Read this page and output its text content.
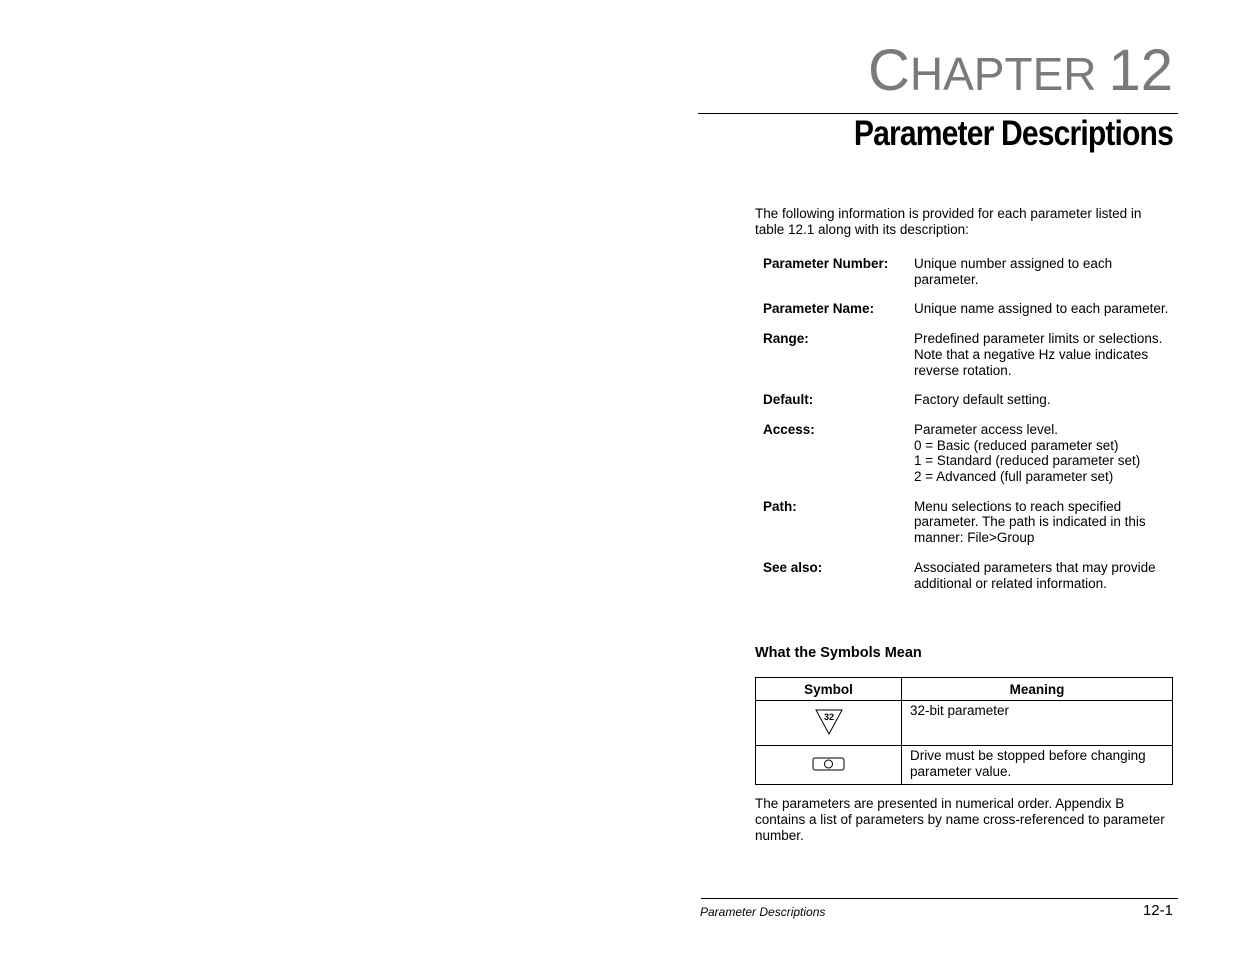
CHAPTER 12
Parameter Descriptions

The following information is provided for each parameter listed in table 12.1 along with its description:

Parameter Number:	Unique number assigned to each parameter.
Parameter Name:	Unique name assigned to each parameter.
Range:	Predefined parameter limits or selections. Note that a negative Hz value indicates reverse rotation.
Default:	Factory default setting.
Access:	Parameter access level.
0 = Basic (reduced parameter set)
1 = Standard (reduced parameter set)
2 = Advanced (full parameter set)
Path:	Menu selections to reach specified parameter. The path is indicated in this manner: File>Group
See also:	Associated parameters that may provide additional or related information.
What the Symbols Mean
Symbol	Meaning

32	32-bit parameter
	Drive must be stopped before changing parameter value.

The parameters are presented in numerical order. Appendix B contains a list of parameters by name cross-referenced to parameter number.

Parameter Descriptions	12-1
